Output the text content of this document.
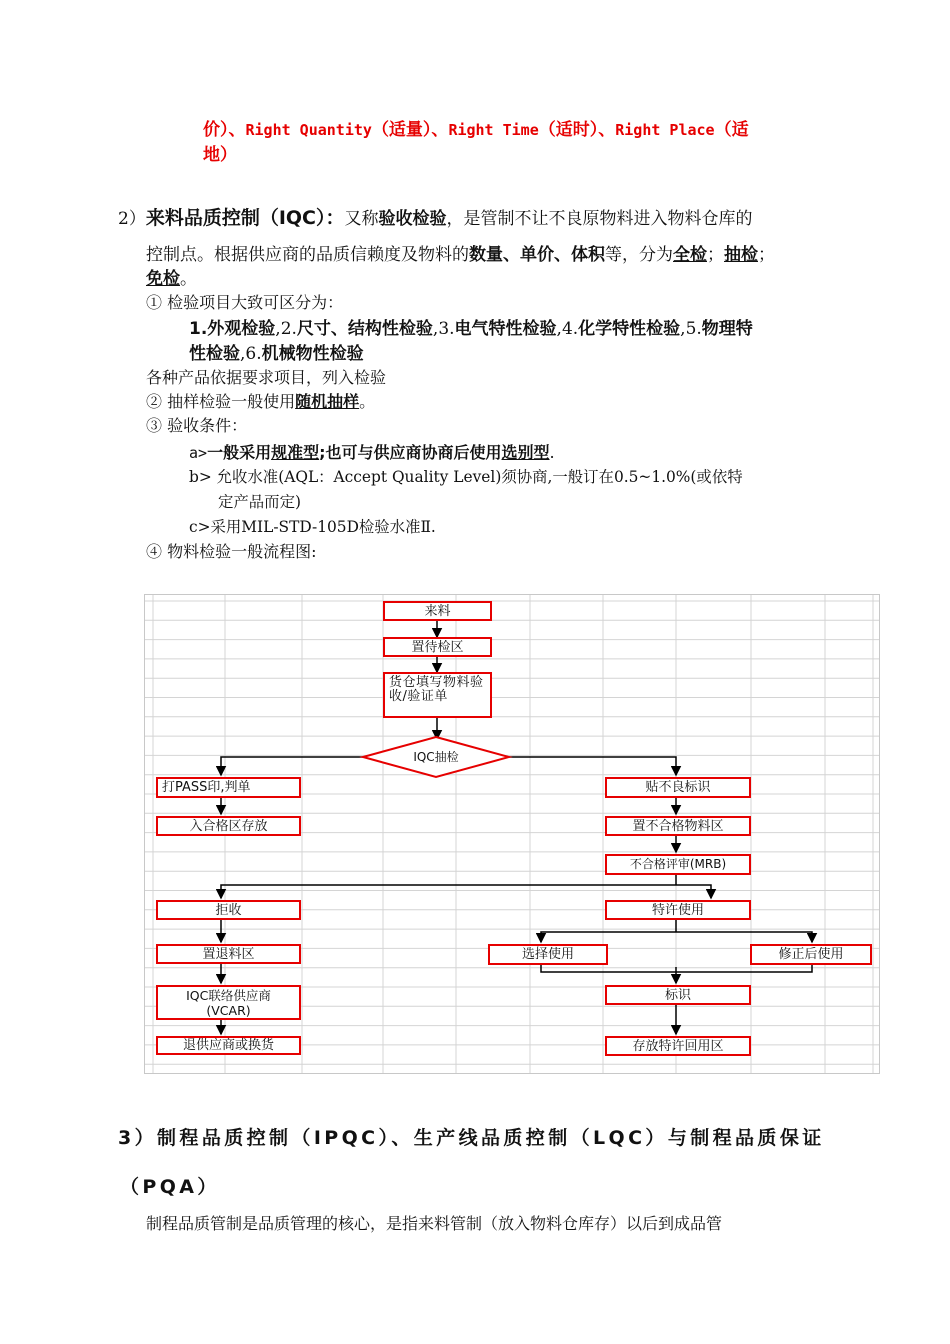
价）、Right Quantity（适量）、Right Time（适时）、Right Place（适
地）
2）来料品质控制（IQC）：又称验收检验，是管制不让不良原物料进入物料仓库的
控制点。根据供应商的品质信赖度及物料的数量、单价、体积等，分为全检；抽检；
免检。
① 检验项目大致可区分为：
1.外观检验,2.尺寸、结构性检验,3.电气特性检验,4.化学特性检验,5.物理特
性检验,6.机械物性检验
各种产品依据要求项目，列入检验
② 抽样检验一般使用随机抽样。
③ 验收条件：
a>一般采用规准型;也可与供应商协商后使用选别型.
b> 允收水准(AQL：Accept Quality Level)须协商,一般订在0.5~1.0%(或依特
定产品而定)
c>采用MIL-STD-105D检验水准Ⅱ.
④ 物料检验一般流程图:
IQC抽检
来料
置待检区
货仓填写物料验收/验证单
打PASS印,判单
入合格区存放
贴不良标识
置不合格物料区
不合格评审(MRB)
拒收	特许使用
置退料区	选择使用	修正后使用
IQC联络供应商 (VCAR)
标识
退供应商或换货	存放特许回用区
3）制程品质控制（IPQC）、生产线品质控制（LQC）与制程品质保证
（PQA）
制程品质管制是品质管理的核心，是指来料管制（放入物料仓库存）以后到成品管
